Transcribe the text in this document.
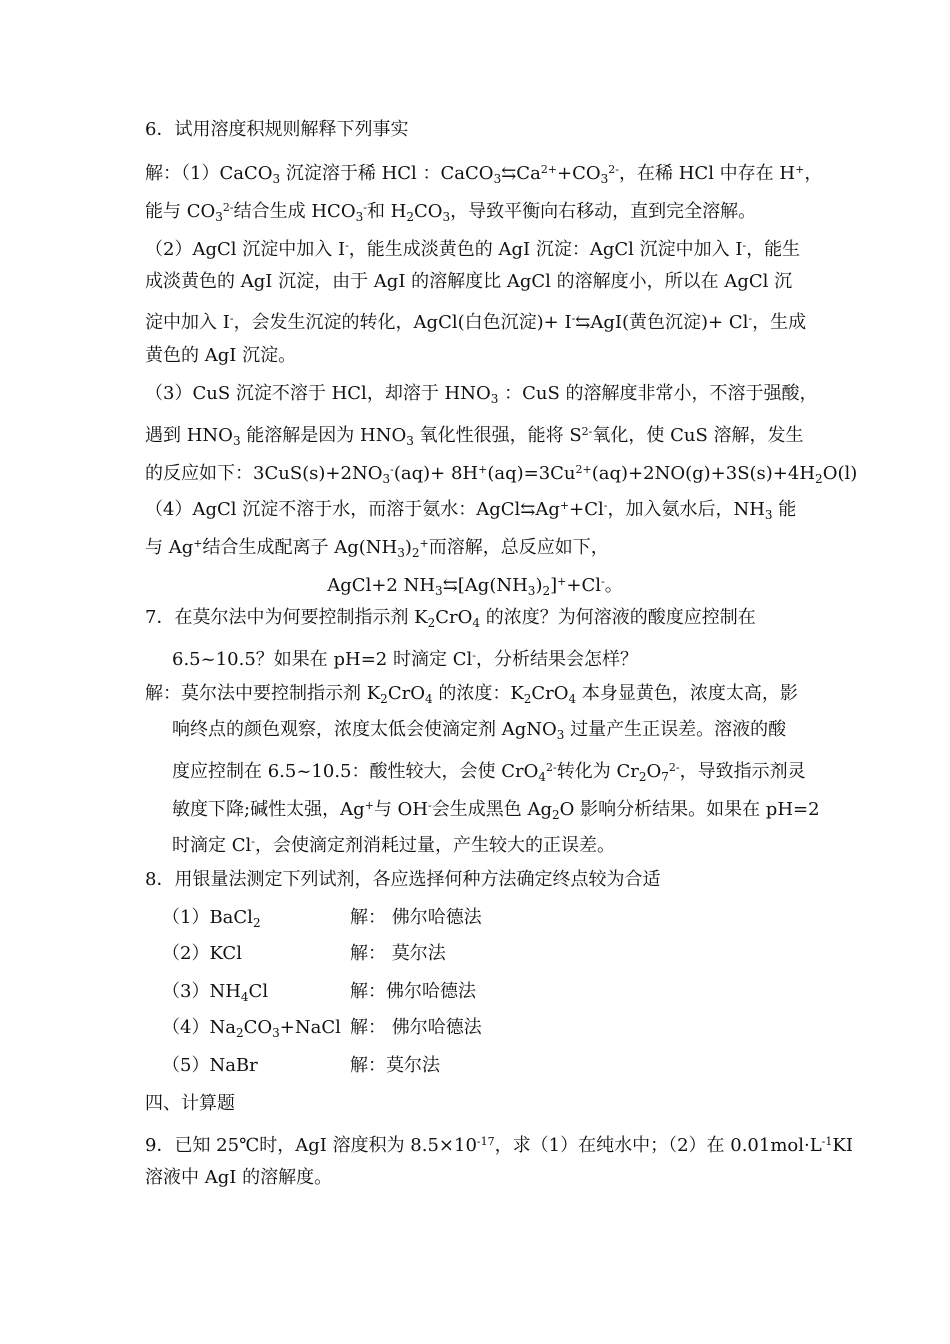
6．试用溶度积规则解释下列事实
解：（1）CaCO$_3$ 沉淀溶于稀 HCl ：$CaCO_3⇆Ca^{2+}+CO_3^{2-}$，在稀 HCl 中存在 H+，
能与 $CO_3^{2-}$结合生成 $HCO_3^-$和 $H_2CO_3$，导致平衡向右移动，直到完全溶解。
（2）AgCl 沉淀中加入 I-，能生成淡黄色的 AgI 沉淀：AgCl 沉淀中加入 I-，能生
成淡黄色的 AgI 沉淀，由于 AgI 的溶解度比 AgCl 的溶解度小，所以在 AgCl 沉
淀中加入 I-，会发生沉淀的转化，AgCl(白色沉淀)+ I-⇆AgI(黄色沉淀)+ Cl-，生成
黄色的 AgI 沉淀。
（3）CuS 沉淀不溶于 HCl，却溶于 $HNO_3$ ：CuS 的溶解度非常小，不溶于强酸，
遇到 $HNO_3$ 能溶解是因为 $HNO_3$ 氧化性很强，能将 $S^{2-}$氧化，使 CuS 溶解，发生
的反应如下：$3CuS(s)+2NO_3^-(aq)+ 8H^+(aq)=3Cu^{2+}(aq)+2NO(g)+3S(s)+4H_2O(l)$
（4）AgCl 沉淀不溶于水，而溶于氨水：AgCl⇆Ag++Cl-，加入氨水后，$NH_3$ 能
与 Ag+结合生成配离子 $Ag(NH_3)_2^+$而溶解，总反应如下，
AgCl+2 $NH_3⇆[Ag(NH_3)_2]^++Cl^-$。
7．在莫尔法中为何要控制指示剂 $K_2CrO_4$ 的浓度？为何溶液的酸度应控制在
6.5~10.5？如果在 pH=2 时滴定 Cl-，分析结果会怎样？
解：莫尔法中要控制指示剂 $K_2CrO_4$ 的浓度：$K_2CrO_4$ 本身显黄色，浓度太高，影
响终点的颜色观察，浓度太低会使滴定剂 AgNO$_3$ 过量产生正误差。溶液的酸
度应控制在 6.5~10.5：酸性较大，会使 CrO$_4^{2-}$转化为 $Cr_2O_7^{2-}$，导致指示剂灵
敏度下降;碱性太强，Ag+与 OH-会生成黑色 $Ag_2O$ 影响分析结果。如果在 pH=2
时滴定 Cl-，会使滴定剂消耗过量，产生较大的正误差。
8．用银量法测定下列试剂，各应选择何种方法确定终点较为合适
（1）BaCl$_2$	解： 佛尔哈德法
（2）KCl	解： 莫尔法
$(3)NH_4Cl$	解：佛尔哈德法
$(4)Na_2CO_3+NaCl$ 解： 佛尔哈德法
（5）NaBr	解：莫尔法
四、计算题
9．已知 25℃时，AgI 溶度积为 $8.5\times 10^{-17}$，求（1）在纯水中；（2）在 $0.01mol\cdot L^{-1}KI$
溶液中 AgI 的溶解度。
